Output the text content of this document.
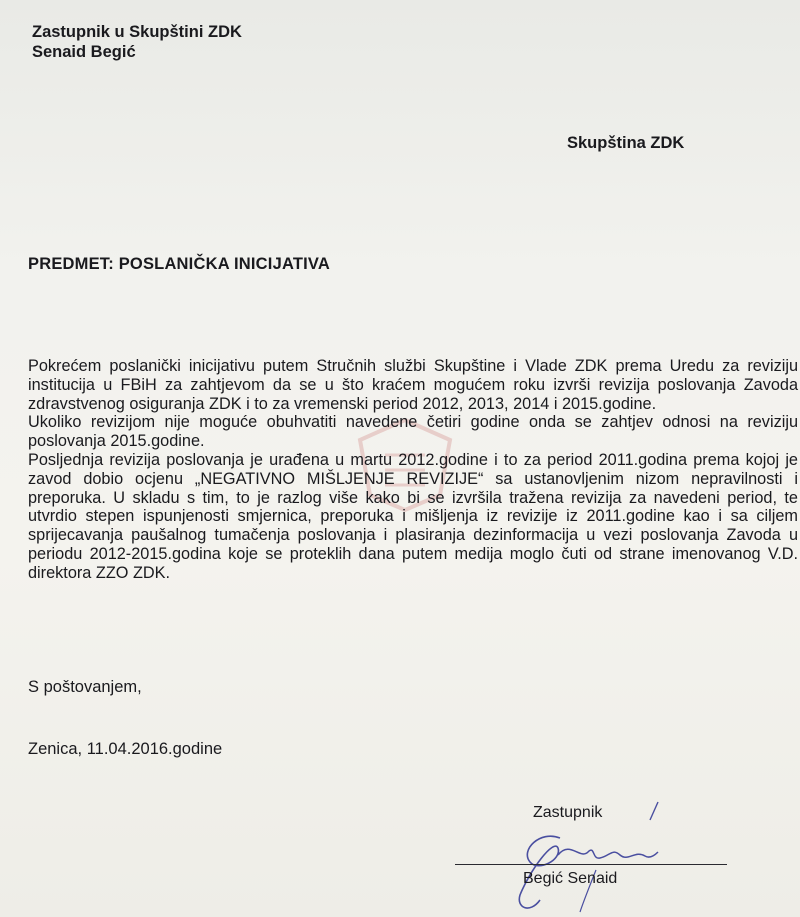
Zastupnik u Skupštini ZDK
Senaid Begić
Skupština ZDK
PREDMET: POSLANIČKA INICIJATIVA

Pokrećem poslanički inicijativu putem Stručnih službi Skupštine i Vlade ZDK prema Uredu za reviziju institucija u FBiH za zahtjevom da se u što kraćem mogućem roku izvrši revizija poslovanja Zavoda zdravstvenog osiguranja ZDK i to za vremenski period 2012, 2013, 2014 i 2015.godine.

Ukoliko revizijom nije moguće obuhvatiti navedene četiri godine onda se zahtjev odnosi na reviziju poslovanja 2015.godine.

Posljednja revizija poslovanja je urađena u martu 2012.godine i to za period 2011.godina prema kojoj je zavod dobio ocjenu „NEGATIVNO MIŠLJENJE REVIZIJE“ sa ustanovljenim nizom nepravilnosti i preporuka. U skladu s tim, to je razlog više kako bi se izvršila tražena revizija za navedeni period, te utvrdio stepen ispunjenosti smjernica, preporuka i mišljenja iz revizije iz 2011.godine kao i sa ciljem sprijecavanja paušalnog tumačenja poslovanja i plasiranja dezinformacija u vezi poslovanja Zavoda u periodu 2012-2015.godina koje se proteklih dana putem medija moglo čuti od strane imenovanog V.D. direktora ZZO ZDK.

S poštovanjem,
Zenica, 11.04.2016.godine
Zastupnik
Begić Senaid
